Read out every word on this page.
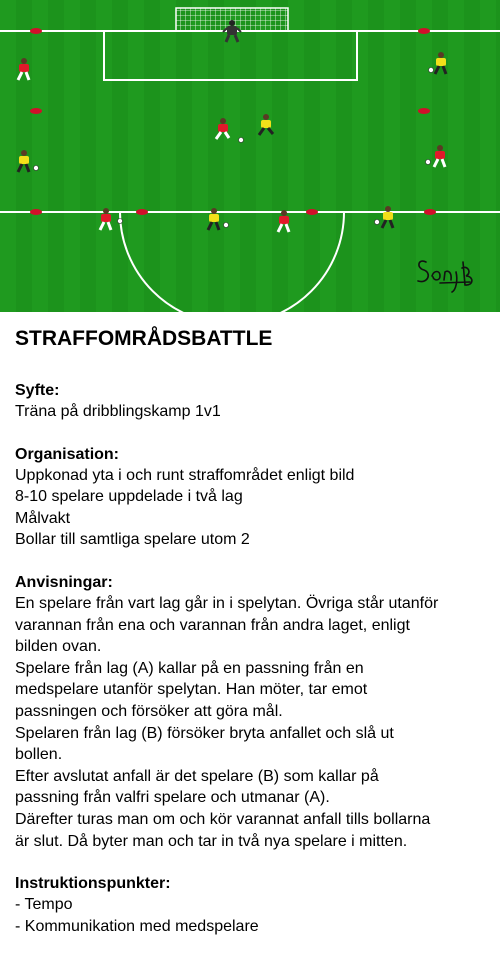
STRAFFOMRÅDSBATTLE
Syfte:
Träna på dribblingskamp 1v1
Organisation:
Uppkonad yta i och runt straffområdet enligt bild
8-10 spelare uppdelade i två lag
Målvakt
Bollar till samtliga spelare utom 2
Anvisningar:
En spelare från vart lag går in i spelytan. Övriga står utanför
varannan från ena och varannan från andra laget, enligt
bilden ovan.
Spelare från lag (A) kallar på en passning från en
medspelare utanför spelytan. Han möter, tar emot
passningen och försöker att göra mål.
Spelaren från lag (B) försöker bryta anfallet och slå ut
bollen.
Efter avslutat anfall är det spelare (B) som kallar på
passning från valfri spelare och utmanar (A).
Därefter turas man om och kör varannat anfall tills bollarna
är slut. Då byter man och tar in två nya spelare i mitten.
Instruktionspunkter:
- Tempo
- Kommunikation med medspelare
